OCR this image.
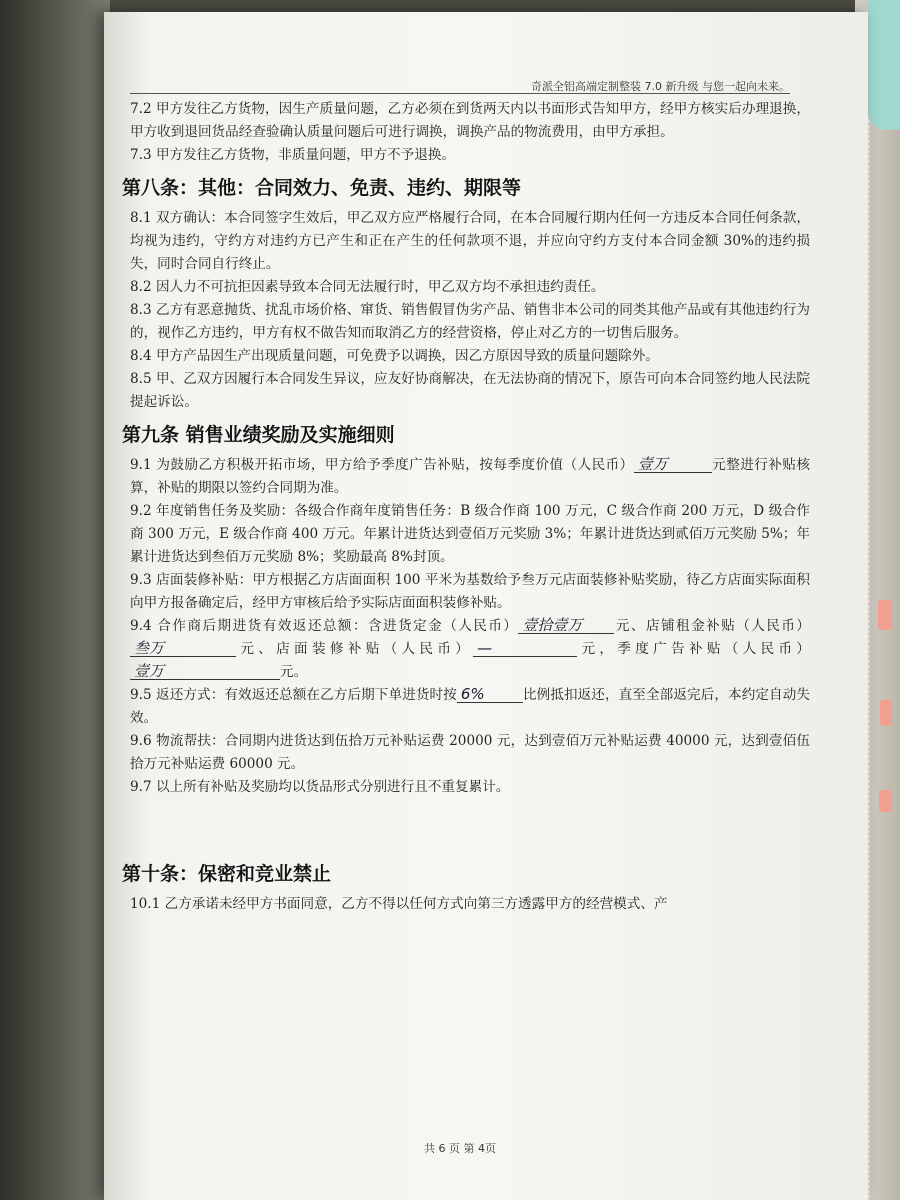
奇派全铝高端定制整装 7.0 新升级 与您一起向未来。

7.2 甲方发往乙方货物，因生产质量问题，乙方必须在到货两天内以书面形式告知甲方，经甲方核实后办理退换，甲方收到退回货品经查验确认质量问题后可进行调换，调换产品的物流费用，由甲方承担。

7.3 甲方发往乙方货物，非质量问题，甲方不予退换。

第八条：其他：合同效力、免责、违约、期限等

8.1 双方确认：本合同签字生效后，甲乙双方应严格履行合同，在本合同履行期内任何一方违反本合同任何条款，均视为违约，守约方对违约方已产生和正在产生的任何款项不退，并应向守约方支付本合同金额 30%的违约损失，同时合同自行终止。

8.2 因人力不可抗拒因素导致本合同无法履行时，甲乙双方均不承担违约责任。

8.3 乙方有恶意抛货、扰乱市场价格、窜货、销售假冒伪劣产品、销售非本公司的同类其他产品或有其他违约行为的，视作乙方违约，甲方有权不做告知而取消乙方的经营资格，停止对乙方的一切售后服务。

8.4 甲方产品因生产出现质量问题，可免费予以调换，因乙方原因导致的质量问题除外。

8.5 甲、乙双方因履行本合同发生异议，应友好协商解决，在无法协商的情况下，原告可向本合同签约地人民法院提起诉讼。

第九条 销售业绩奖励及实施细则

9.1 为鼓励乙方积极开拓市场，甲方给予季度广告补贴，按每季度价值（人民币） 壹万	元整进行补贴核算，补贴的期限以签约合同期为准。

9.2 年度销售任务及奖励：各级合作商年度销售任务：B 级合作商 100 万元，C 级合作商 200 万元，D 级合作商 300 万元，E 级合作商 400 万元。年累计进货达到壹佰万元奖励 3%；年累计进货达到贰佰万元奖励 5%；年累计进货达到叁佰万元奖励 8%；奖励最高 8%封顶。

9.3 店面装修补贴：甲方根据乙方店面面积 100 平米为基数给予叁万元店面装修补贴奖励，待乙方店面实际面积向甲方报备确定后，经甲方审核后给予实际店面面积装修补贴。

9.4 合作商后期进货有效返还总额：含进货定金（人民币） 壹拾壹万 元、店铺租金补贴（人民币）叁万	元、店面装修补贴（人民币） —	元，季度广告补贴（人民币）壹万	元。

9.5 返还方式：有效返还总额在乙方后期下单进货时按 6%	比例抵扣返还，直至全部返完后，本约定自动失效。

9.6 物流帮扶：合同期内进货达到伍拾万元补贴运费 20000 元，达到壹佰万元补贴运费 40000 元，达到壹佰伍拾万元补贴运费 60000 元。

9.7 以上所有补贴及奖励均以货品形式分别进行且不重复累计。

第十条：保密和竞业禁止

10.1 乙方承诺未经甲方书面同意，乙方不得以任何方式向第三方透露甲方的经营模式、产

共 6 页 第 4页
